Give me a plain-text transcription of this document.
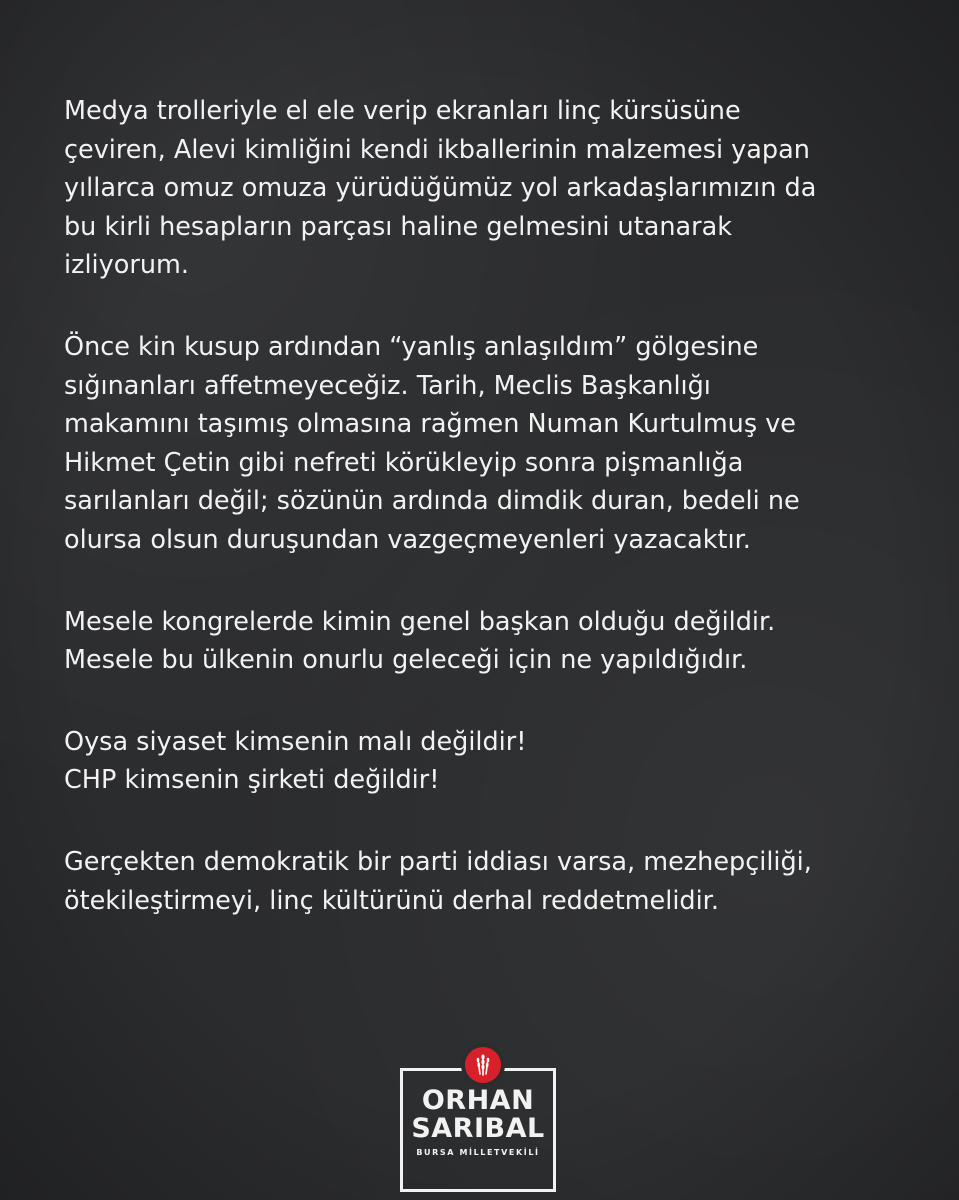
Medya trolleriyle el ele verip ekranları linç kürsüsüne
çeviren, Alevi kimliğini kendi ikballerinin malzemesi yapan
yıllarca omuz omuza yürüdüğümüz yol arkadaşlarımızın da
bu kirli hesapların parçası haline gelmesini utanarak
izliyorum.
Önce kin kusup ardından “yanlış anlaşıldım” gölgesine
sığınanları affetmeyeceğiz. Tarih, Meclis Başkanlığı
makamını taşımış olmasına rağmen Numan Kurtulmuş ve
Hikmet Çetin gibi nefreti körükleyip sonra pişmanlığa
sarılanları değil; sözünün ardında dimdik duran, bedeli ne
olursa olsun duruşundan vazgeçmeyenleri yazacaktır.
Mesele kongrelerde kimin genel başkan olduğu değildir.
Mesele bu ülkenin onurlu geleceği için ne yapıldığıdır.
Oysa siyaset kimsenin malı değildir!
CHP kimsenin şirketi değildir!
Gerçekten demokratik bir parti iddiası varsa, mezhepçiliği,
ötekileştirmeyi, linç kültürünü derhal reddetmelidir.
ORHAN
SARIBAL
BURSA MİLLETVEKİLİ
